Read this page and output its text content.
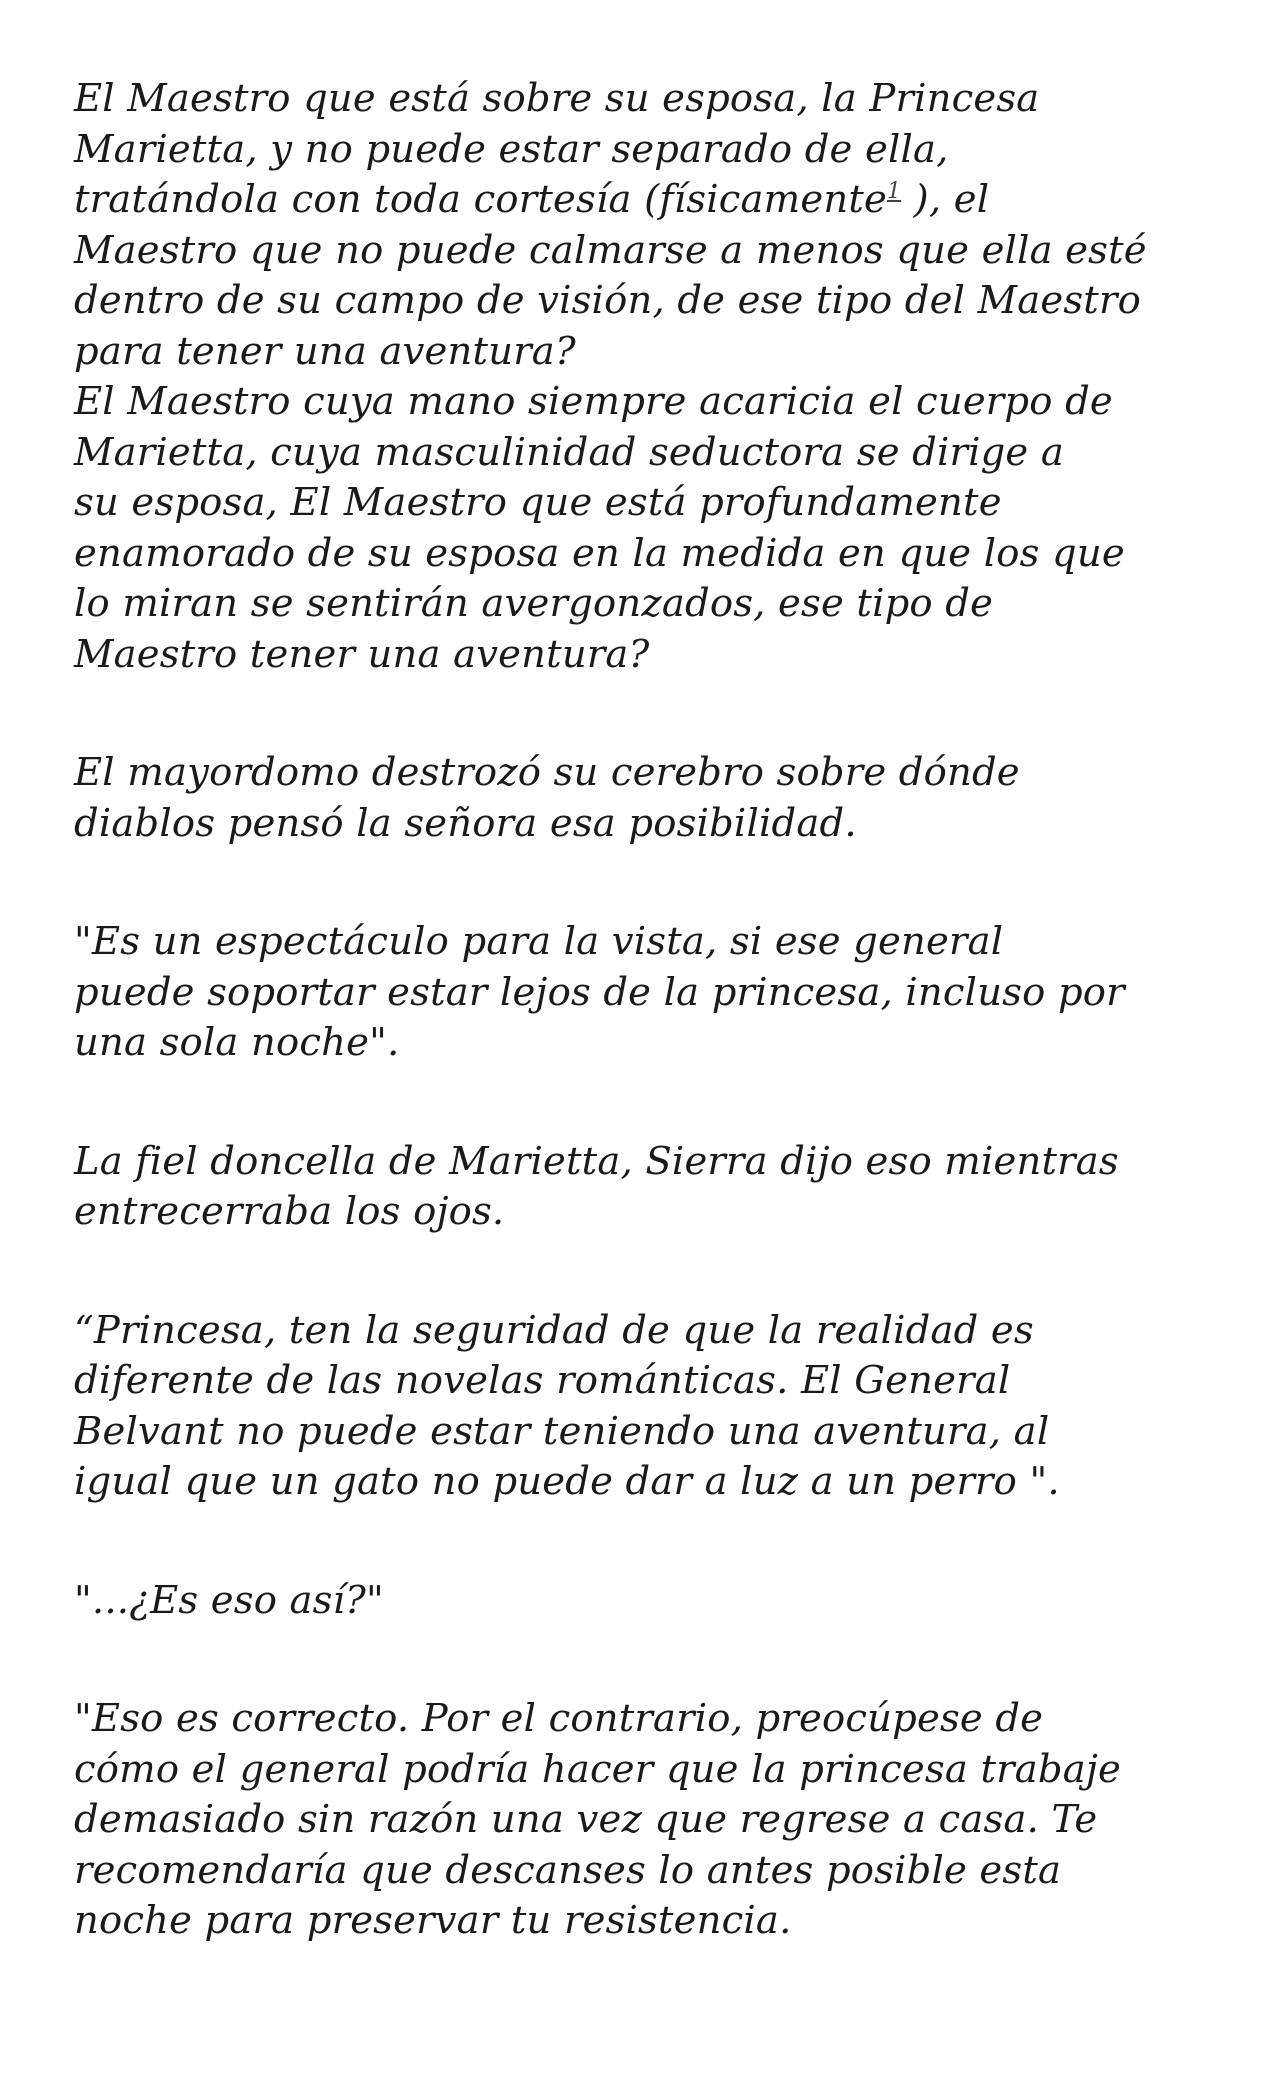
El Maestro que está sobre su esposa, la Princesa
Marietta, y no puede estar separado de ella,
tratándola con toda cortesía (físicamente$^1$ ), el
Maestro que no puede calmarse a menos que ella esté
dentro de su campo de visión, de ese tipo del Maestro
para tener una aventura?
El Maestro cuya mano siempre acaricia el cuerpo de
Marietta, cuya masculinidad seductora se dirige a
su esposa, El Maestro que está profundamente
enamorado de su esposa en la medida en que los que
lo miran se sentirán avergonzados, ese tipo de
Maestro tener una aventura?
El mayordomo destrozó su cerebro sobre dónde
diablos pensó la señora esa posibilidad.
"Es un espectáculo para la vista, si ese general
puede soportar estar lejos de la princesa, incluso por
una sola noche".
La fiel doncella de Marietta, Sierra dijo eso mientras
entrecerraba los ojos.
“Princesa, ten la seguridad de que la realidad es
diferente de las novelas románticas. El General
Belvant no puede estar teniendo una aventura, al
igual que un gato no puede dar a luz a un perro ".
"...¿Es eso así?"
"Eso es correcto. Por el contrario, preocúpese de
cómo el general podría hacer que la princesa trabaje
demasiado sin razón una vez que regrese a casa. Te
recomendaría que descanses lo antes posible esta
noche para preservar tu resistencia.
